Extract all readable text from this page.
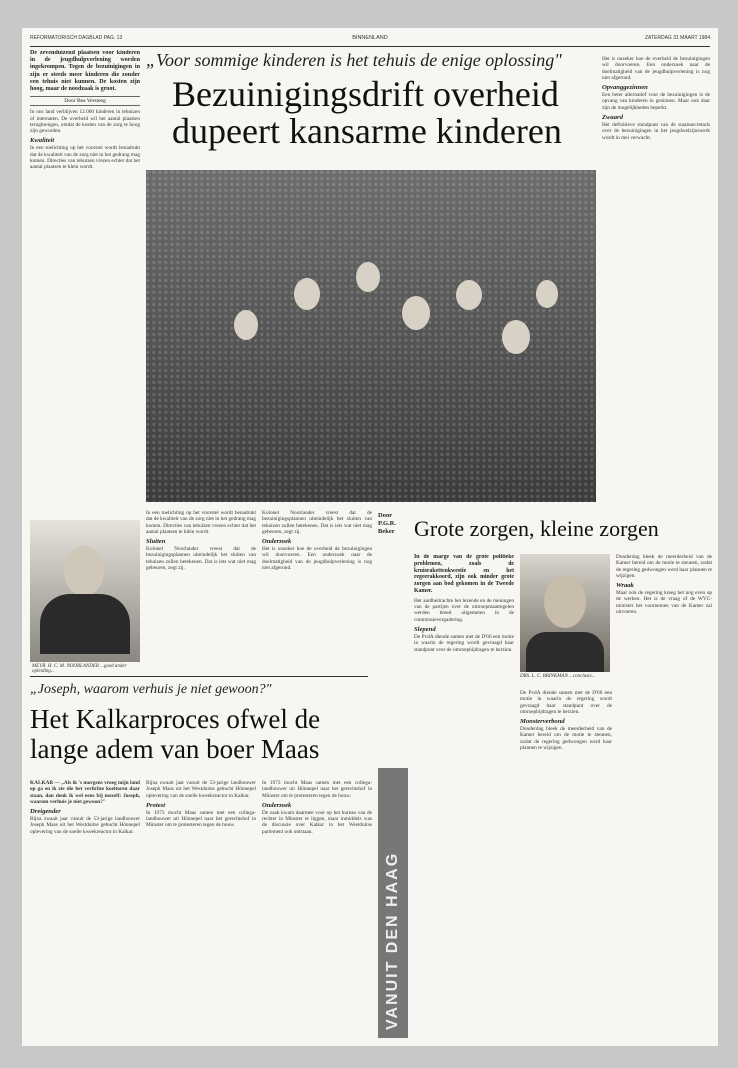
REFORMATORISCH DAGBLAD PAG. 13	BINNENLAND	ZATERDAG 31 MAART 1984

De zevenduizend plaatsen voor kinderen in de jeugdhulpverlening worden ingekrompen. Tegen de bezuinigingen in zijn er steeds meer kinderen die zonder een tehuis niet kunnen. De kosten zijn hoog, maar de noodzaak is groot.

Door Bea Versteeg
In ons land verblijven 12.000 kinderen in tehuizen of internaten. De overheid wil het aantal plaatsen terugbrengen, omdat de kosten van de zorg te hoog zijn geworden.
Kwaliteit
In een toelichting op het voorstel wordt benadrukt dat de kwaliteit van de zorg niet in het gedrang mag komen. Directies van tehuizen vrezen echter dat het aantal plaatsen te klein wordt.
„Voor sommige kinderen is het tehuis de enige oplossing"
Bezuinigingsdrift overheid dupeert kansarme kinderen
Het is onzeker hoe de overheid de bezuinigingen wil doorvoeren. Een onderzoek naar de doelmatigheid van de jeugdhulpverlening is nog niet afgerond.
Opvanggezinnen
Een beter alternatief voor de bezuinigingen is de opvang van kinderen in gezinnen. Maar ook daar zijn de mogelijkheden beperkt.
Zwaard
Het definitieve standpunt van de staatssecretaris over de bezuinigingen in het jeugdwelzijnswerk wordt in mei verwacht.
MEVR. H. C. M. NOORLANDER ...goed ander opleiding...
In een toelichting op het voorstel wordt benadrukt dat de kwaliteit van de zorg niet in het gedrang mag komen. Directies van tehuizen vrezen echter dat het aantal plaatsen te klein wordt.
Sluiten
Kolonel Noorlander vreest dat de bezuinigingsplannen uiteindelijk het sluiten van tehuizen zullen betekenen. Dat is iets wat niet mag gebeuren, zegt zij.
Kolonel Noorlander vreest dat de bezuinigingsplannen uiteindelijk het sluiten van tehuizen zullen betekenen. Dat is iets wat niet mag gebeuren, zegt zij.
Onderzoek
Het is onzeker hoe de overheid de bezuinigingen wil doorvoeren. Een onderzoek naar de doelmatigheid van de jeugdhulpverlening is nog niet afgerond.
„Joseph, waarom verhuis je niet gewoon?"
Het Kalkarproces ofwel de lange adem van boer Maas
KALKAR — „Als ik 's morgens vroeg mijn land op ga en ik zie die het verlichte koeltoren daar staan, dan denk ik wel eens bij mezelf: Joseph, waarom verhuis je niet gewoon?"
Dreigender
Bijna zwaait jaar vanuit de 53-jarige landbouwer Joseph Maas uit het Westduitse gehucht Hönnepel oplevering van de snelle kweekreactor in Kalkar.
Bijna zwaait jaar vanuit de 53-jarige landbouwer Joseph Maas uit het Westduitse gehucht Hönnepel oplevering van de snelle kweekreactor in Kalkar.
Protest
In 1973 mocht Maas samen met een collega-landbouwer uit Hönnepel naar het gerechtshof in Münster om te protesteren tegen de bouw.
In 1973 mocht Maas samen met een collega-landbouwer uit Hönnepel naar het gerechtshof in Münster om te protesteren tegen de bouw.
Onderzoek
De zaak kwam daarmee voor op het bureau van de rechter in Münster te liggen, maar inmiddels was de discussie over Kalkar in het Westduitse parlement ook ontstaan.
Door P.G.R. Beker Grote zorgen, kleine zorgen
VANUIT DEN HAAG

In de marge van de grote politieke problemen, zoals de kruisrakettenkwestie en het regeerakkoord, zijn ook minder grote zorgen aan bod gekomen in de Tweede Kamer.

Het aardbeitrachte het lezende en de meningen van de partijen over de omroepmaatregelen werden breed uitgemeten in de commissievergadering.
Slepend
De PvdA diende samen met de D'66 een motie in waarin de regering wordt gevraagd haar standpunt over de omroepbijdragen te herzien.
DRS. L. C. BRINKMAN ...conclusie...
De PvdA diende samen met de D'66 een motie in waarin de regering wordt gevraagd haar standpunt over de omroepbijdragen te herzien.
Monsterverbond
Donderdag bleek de meerderheid van de Kamer bereid om de motie te steunen, zodat de regering gedwongen werd haar plannen te wijzigen.
Donderdag bleek de meerderheid van de Kamer bereid om de motie te steunen, zodat de regering gedwongen werd haar plannen te wijzigen.
Wraak
Maar ook de regering kreeg het nog even op de werken. Het is de vraag of de WVC-minister het voornemen van de Kamer zal uitvoeren.
